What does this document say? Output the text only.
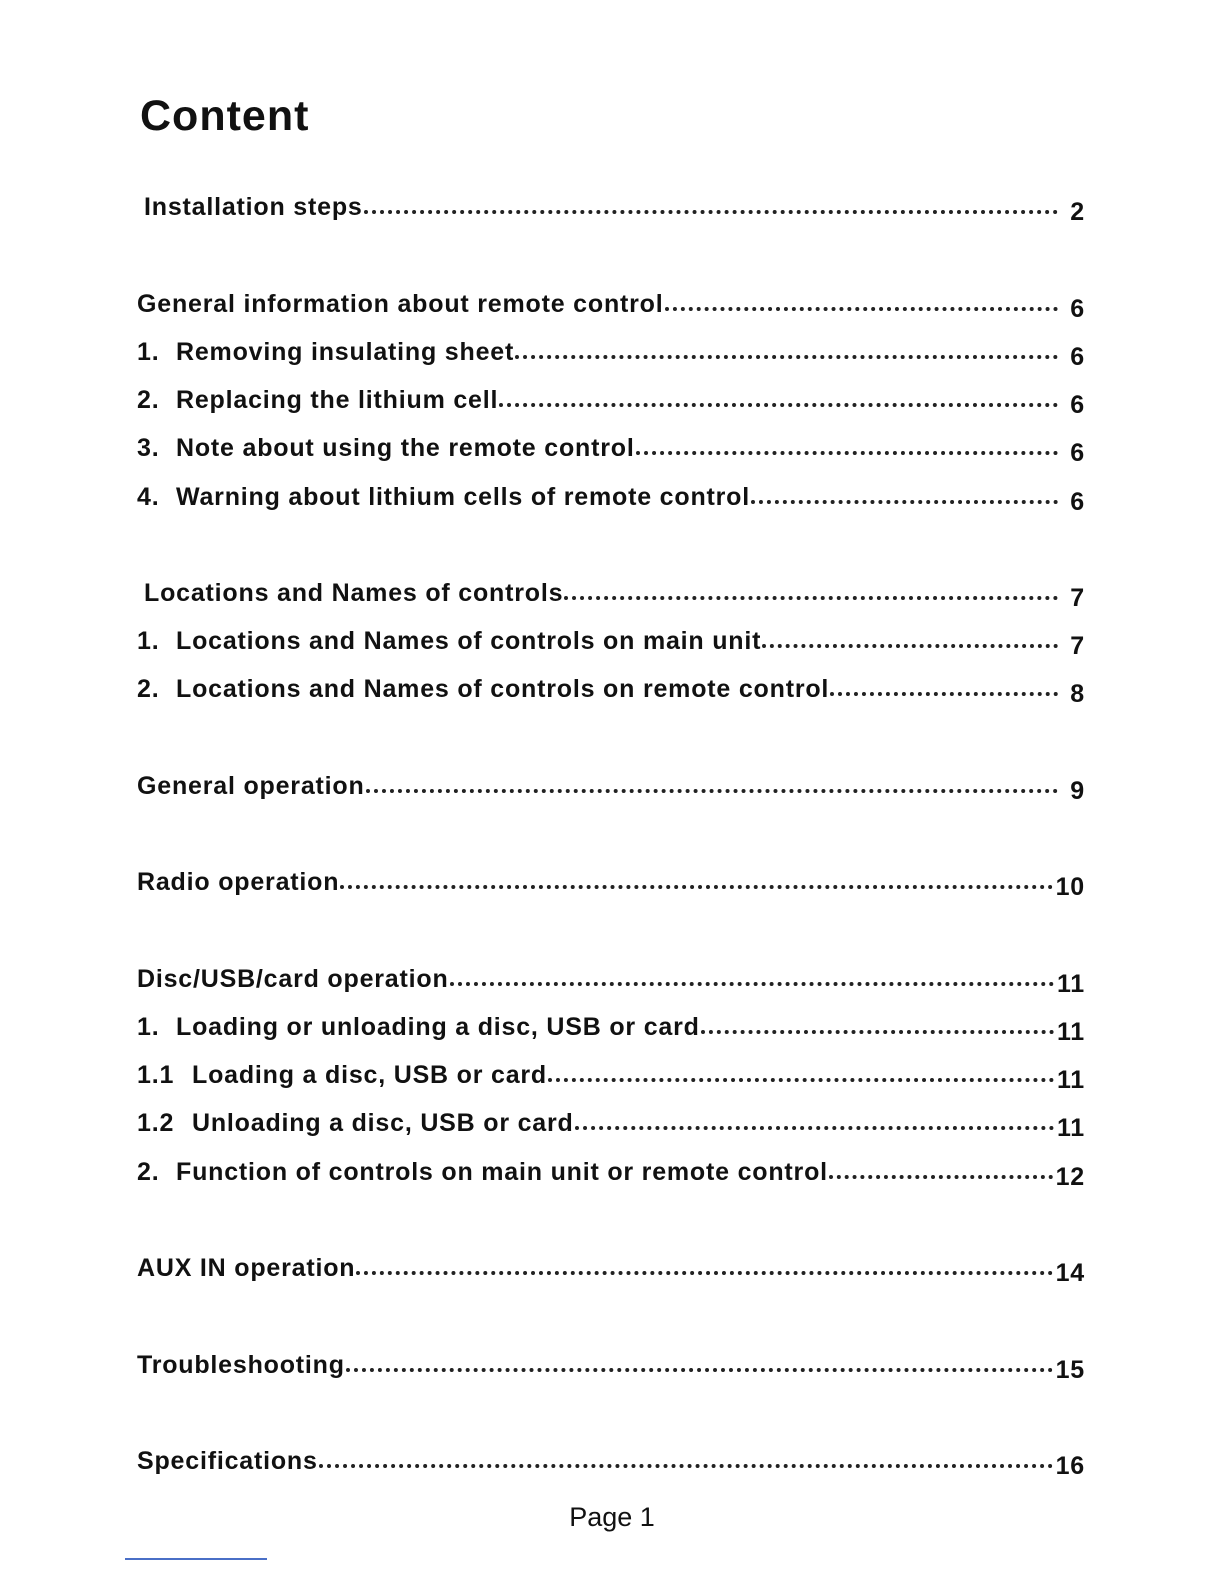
Content
Installation steps	2
General information about remote control	6
1. Removing insulating sheet	6
2. Replacing the lithium cell	6
3. Note about using the remote control	6
4. Warning about lithium cells of remote control	6
Locations and Names of controls	7
1. Locations and Names of controls on main unit	7
2. Locations and Names of controls on remote control	8
General operation	9
Radio operation	10
Disc/USB/card operation	11
1. Loading or unloading a disc, USB or card	11
1.1 Loading a disc, USB or card	11
1.2 Unloading a disc, USB or card	11
2. Function of controls on main unit or remote control	12
AUX IN operation	14
Troubleshooting	15
Specifications	16
Page 1
